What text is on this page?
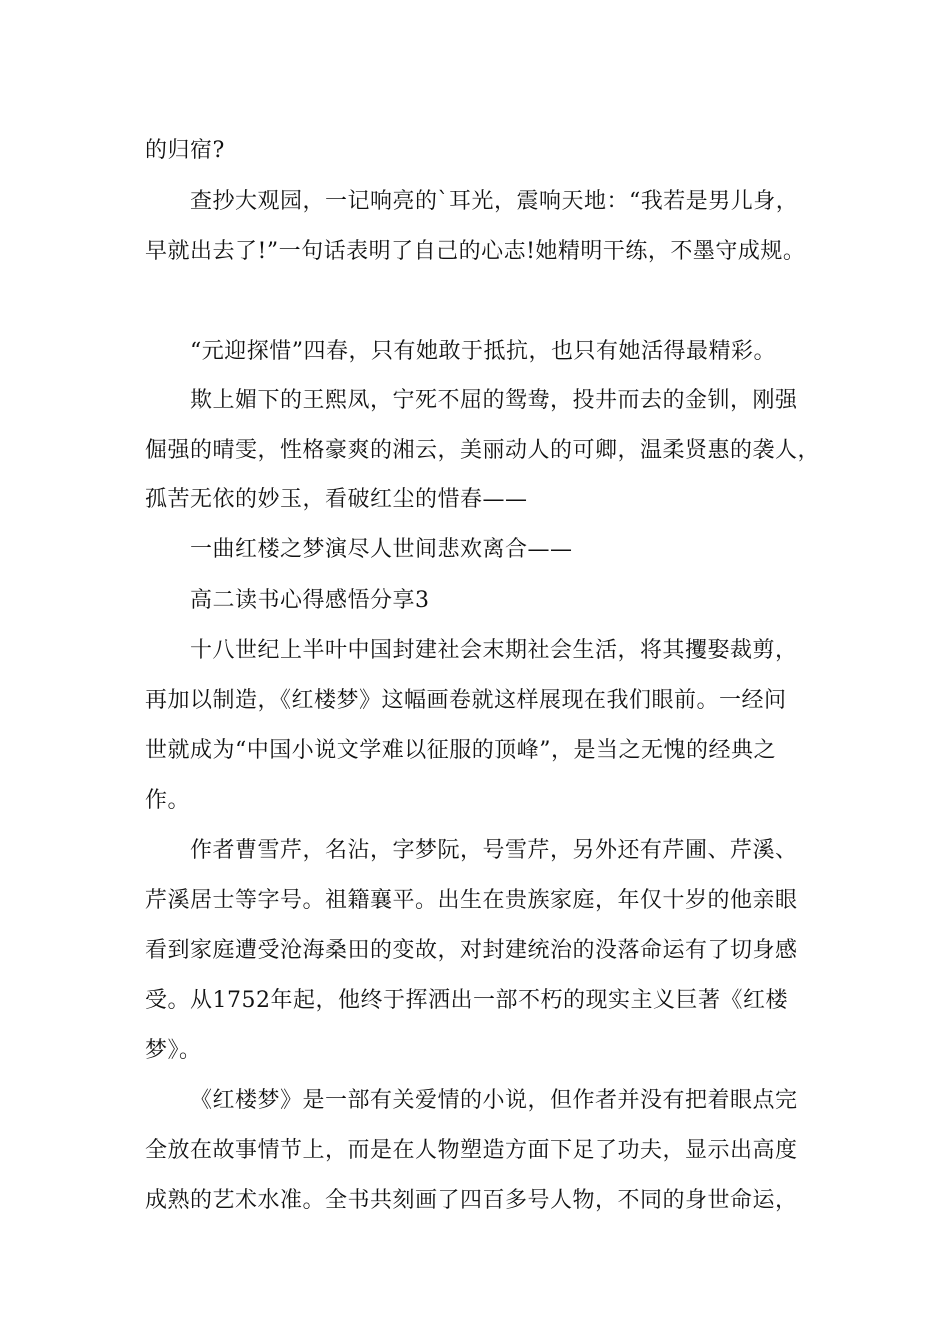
的归宿?
查抄大观园，一记响亮的`耳光，震响天地：“我若是男儿身，
早就出去了!”一句话表明了自己的心志!她精明干练，不墨守成规。
“元迎探惜”四春，只有她敢于抵抗，也只有她活得最精彩。
欺上媚下的王熙凤，宁死不屈的鸳鸯，投井而去的金钏，刚强
倔强的晴雯，性格豪爽的湘云，美丽动人的可卿，温柔贤惠的袭人，
孤苦无依的妙玉，看破红尘的惜春——
一曲红楼之梦演尽人世间悲欢离合——
高二读书心得感悟分享3
十八世纪上半叶中国封建社会末期社会生活，将其攫娶裁剪，
再加以制造，《红楼梦》这幅画卷就这样展现在我们眼前。一经问
世就成为“中国小说文学难以征服的顶峰”，是当之无愧的经典之
作。
作者曹雪芹，名沾，字梦阮，号雪芹，另外还有芹圃、芹溪、
芹溪居士等字号。祖籍襄平。出生在贵族家庭，年仅十岁的他亲眼
看到家庭遭受沧海桑田的变故，对封建统治的没落命运有了切身感
受。从1752年起，他终于挥洒出一部不朽的现实主义巨著《红楼
梦》。
《红楼梦》是一部有关爱情的小说，但作者并没有把着眼点完
全放在故事情节上，而是在人物塑造方面下足了功夫，显示出高度
成熟的艺术水准。全书共刻画了四百多号人物，不同的身世命运，
